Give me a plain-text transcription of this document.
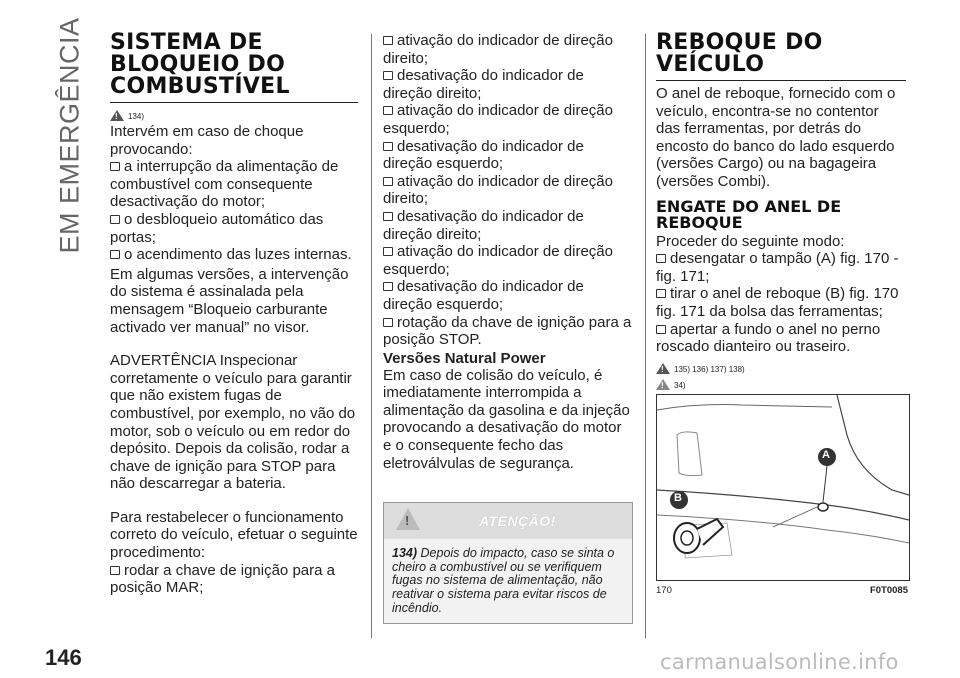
EM EMERGÊNCIA SISTEMA DE BLOQUEIO DO COMBUSTÍVEL
!
134)

Intervém em caso de choque provocando:

a interrupção da alimentação de combustível com consequente desactivação do motor;

o desbloqueio automático das portas;

o acendimento das luzes internas.

Em algumas versões, a intervenção do sistema é assinalada pela mensagem “Bloqueio carburante activado ver manual” no visor.

ADVERTÊNCIA Inspecionar corretamente o veículo para garantir que não existem fugas de combustível, por exemplo, no vão do motor, sob o veículo ou em redor do depósito. Depois da colisão, rodar a chave de ignição para STOP para não descarregar a bateria.

Para restabelecer o funcionamento correto do veículo, efetuar o seguinte procedimento:

rodar a chave de ignição para a posição MAR;

ativação do indicador de direção direito;

desativação do indicador de direção direito;

ativação do indicador de direção esquerdo;

desativação do indicador de direção esquerdo;

ativação do indicador de direção direito;

desativação do indicador de direção direito;

ativação do indicador de direção esquerdo;

desativação do indicador de direção esquerdo;

rotação da chave de ignição para a posição STOP.

Versões Natural Power

Em caso de colisão do veículo, é imediatamente interrompida a alimentação da gasolina e da injeção provocando a desativação do motor e o consequente fecho das eletroválvulas de segurança.

!
ATENÇÃO!
134) Depois do impacto, caso se sinta o cheiro a combustível ou se verifiquem fugas no sistema de alimentação, não reativar o sistema para evitar riscos de incêndio.
REBOQUE DO VEÍCULO

O anel de reboque, fornecido com o veículo, encontra-se no contentor das ferramentas, por detrás do encosto do banco do lado esquerdo (versões Cargo) ou na bagageira (versões Combi).

ENGATE DO ANEL DE REBOQUE

Proceder do seguinte modo:

desengatar o tampão (A) fig. 170 - fig. 171;

tirar o anel de reboque (B) fig. 170 fig. 171 da bolsa das ferramentas;

apertar a fundo o anel no perno roscado dianteiro ou traseiro.

!
135) 136) 137) 138)
!
34)
A
B
170	F0T0085
146	carmanualsonline.info
